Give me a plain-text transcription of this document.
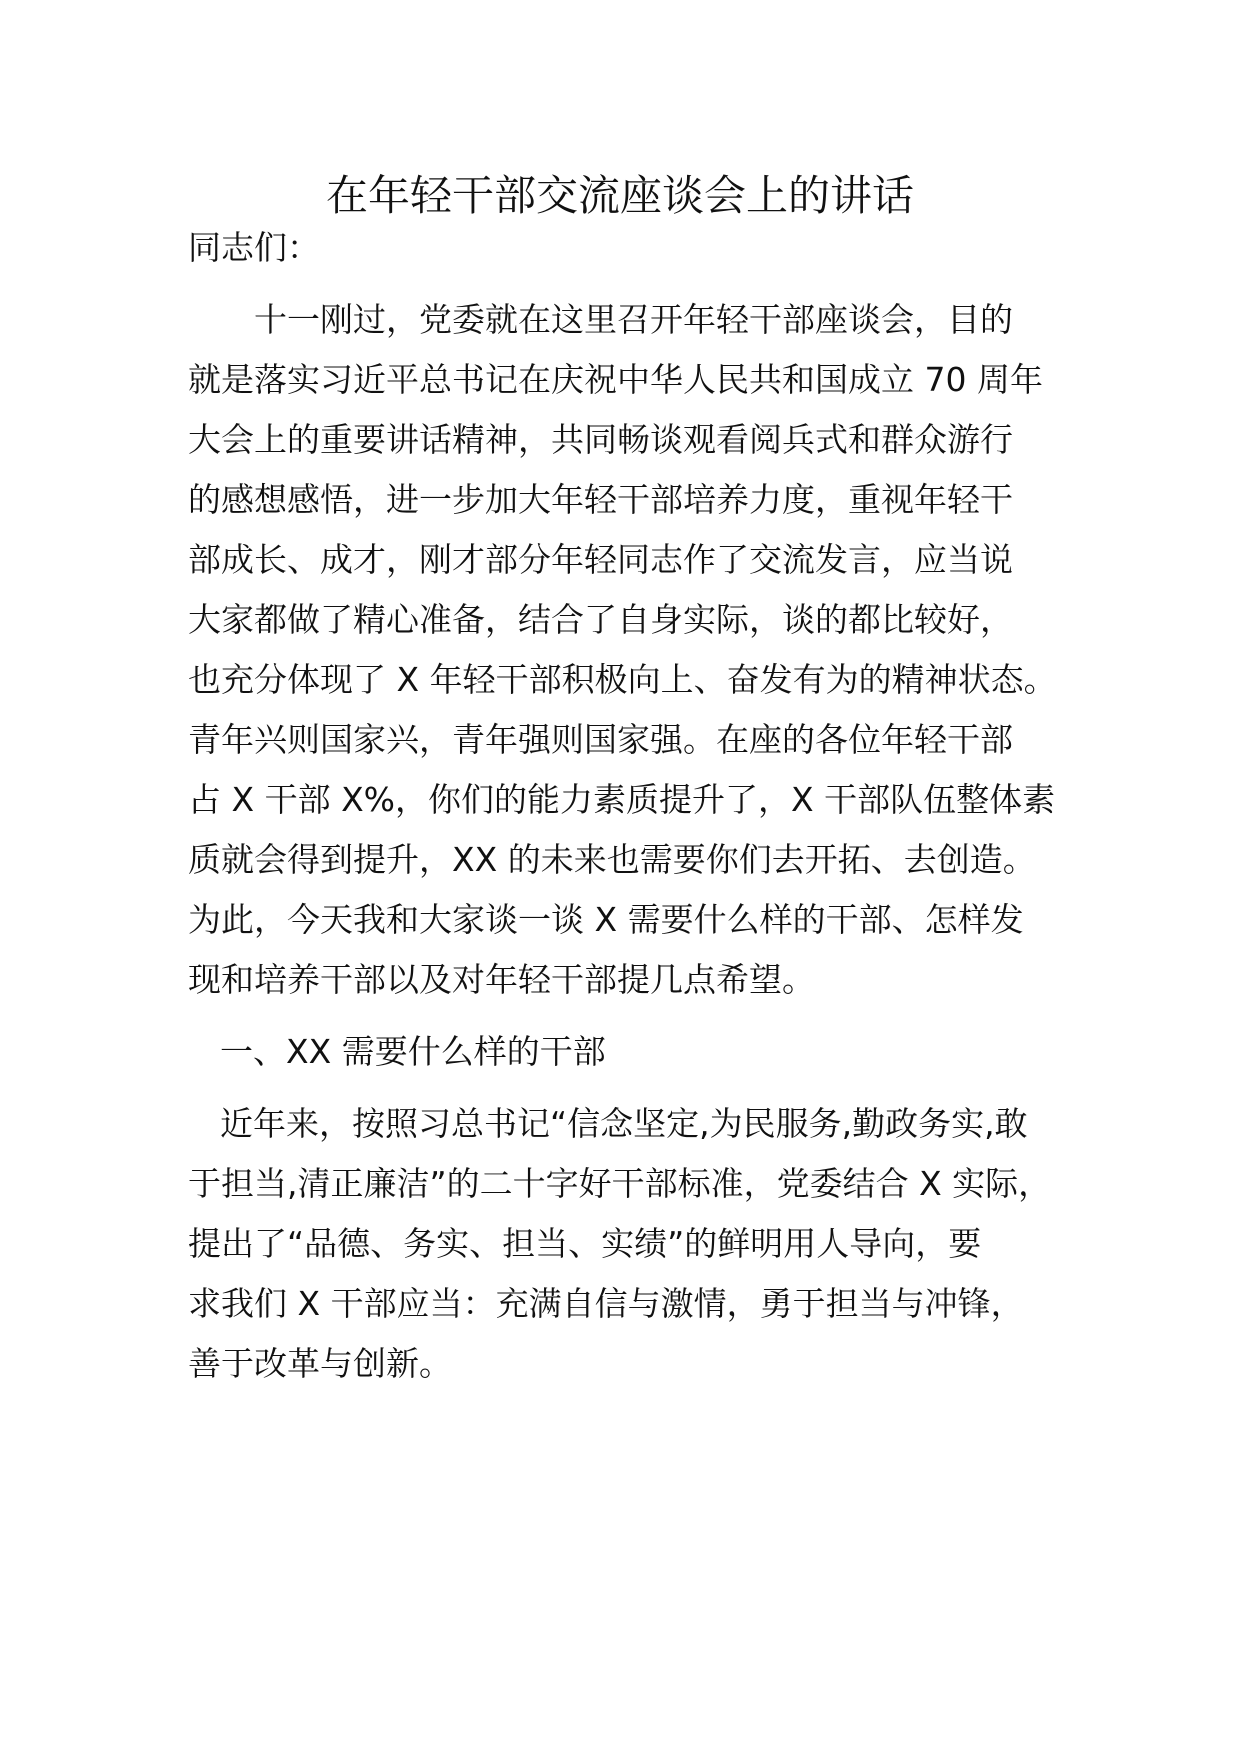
在年轻干部交流座谈会上的讲话
同志们：
十一刚过，党委就在这里召开年轻干部座谈会，目的
就是落实习近平总书记在庆祝中华人民共和国成立 70 周年
大会上的重要讲话精神，共同畅谈观看阅兵式和群众游行
的感想感悟，进一步加大年轻干部培养力度，重视年轻干
部成长、成才，刚才部分年轻同志作了交流发言，应当说
大家都做了精心准备，结合了自身实际，谈的都比较好，
也充分体现了 X 年轻干部积极向上、奋发有为的精神状态。
青年兴则国家兴，青年强则国家强。在座的各位年轻干部
占 X 干部 X%，你们的能力素质提升了，X 干部队伍整体素
质就会得到提升，XX 的未来也需要你们去开拓、去创造。
为此，今天我和大家谈一谈 X 需要什么样的干部、怎样发
现和培养干部以及对年轻干部提几点希望。
一、XX 需要什么样的干部
近年来，按照习总书记“信念坚定,为民服务,勤政务实,敢
于担当,清正廉洁”的二十字好干部标准，党委结合 X 实际，
提出了“品德、务实、担当、实绩”的鲜明用人导向，要
求我们 X 干部应当：充满自信与激情，勇于担当与冲锋，
善于改革与创新。
